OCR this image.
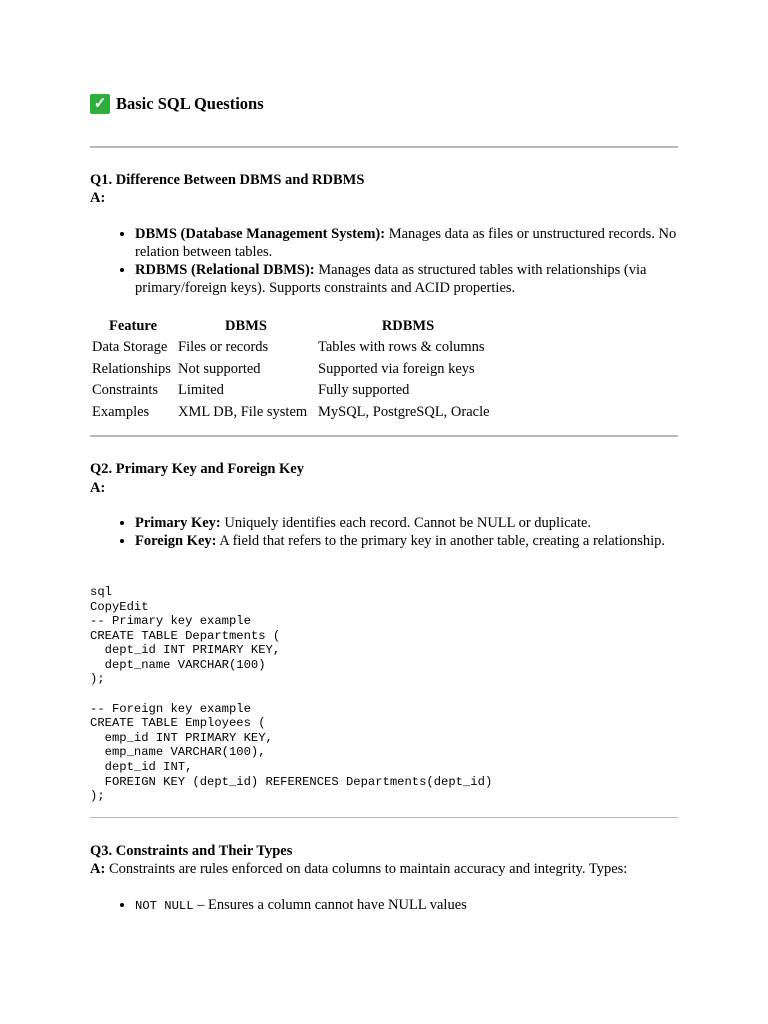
✓ Basic SQL Questions
Q1. Difference Between DBMS and RDBMS
A:
• DBMS (Database Management System): Manages data as files or unstructured records. No relation between tables.
• RDBMS (Relational DBMS): Manages data as structured tables with relationships (via primary/foreign keys). Supports constraints and ACID properties.
Feature	DBMS	RDBMS
Data Storage	Files or records	Tables with rows & columns
Relationships	Not supported	Supported via foreign keys
Constraints	Limited	Fully supported
Examples	XML DB, File system	MySQL, PostgreSQL, Oracle
Q2. Primary Key and Foreign Key
A:
• Primary Key: Uniquely identifies each record. Cannot be NULL or duplicate.
• Foreign Key: A field that refers to the primary key in another table, creating a relationship.
sql
CopyEdit
-- Primary key example
CREATE TABLE Departments (
dept_id INT PRIMARY KEY,
dept_name VARCHAR(100)
);

-- Foreign key example
CREATE TABLE Employees (
emp_id INT PRIMARY KEY,
emp_name VARCHAR(100),
dept_id INT,
FOREIGN KEY (dept_id) REFERENCES Departments(dept_id)
);
Q3. Constraints and Their Types
A: Constraints are rules enforced on data columns to maintain accuracy and integrity. Types:
• NOT NULL – Ensures a column cannot have NULL values
